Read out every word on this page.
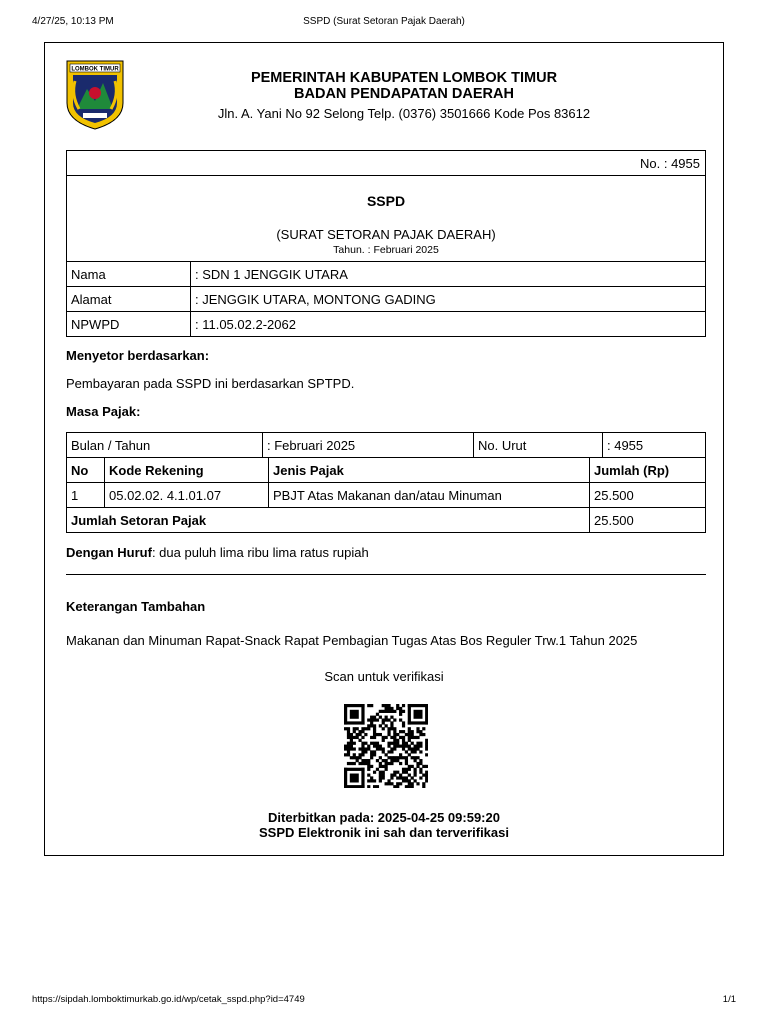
4/27/25, 10:13 PM	SSPD (Surat Setoran Pajak Daerah)
LOMBOK TIMUR
PEMERINTAH KABUPATEN LOMBOK TIMUR
BADAN PENDAPATAN DAERAH
Jln. A. Yani No 92 Selong Telp. (0376) 3501666 Kode Pos 83612
No. : 4955
SSPD
(SURAT SETORAN PAJAK DAERAH)
Tahun. : Februari 2025
Nama	: SDN 1 JENGGIK UTARA
Alamat	: JENGGIK UTARA, MONTONG GADING
NPWPD	: 11.05.02.2-2062
Menyetor berdasarkan:
Pembayaran pada SSPD ini berdasarkan SPTPD.
Masa Pajak:
Bulan / Tahun	: Februari 2025	No. Urut	: 4955
No	Kode Rekening	Jenis Pajak	Jumlah (Rp)
1	05.02.02. 4.1.01.07	PBJT Atas Makanan dan/atau Minuman	25.500
Jumlah Setoran Pajak			25.500
Dengan Huruf: dua puluh lima ribu lima ratus rupiah
Keterangan Tambahan
Makanan dan Minuman Rapat-Snack Rapat Pembagian Tugas Atas Bos Reguler Trw.1 Tahun 2025
Scan untuk verifikasi
Diterbitkan pada: 2025-04-25 09:59:20
SSPD Elektronik ini sah dan terverifikasi
https://sipdah.lomboktimurkab.go.id/wp/cetak_sspd.php?id=4749	1/1
